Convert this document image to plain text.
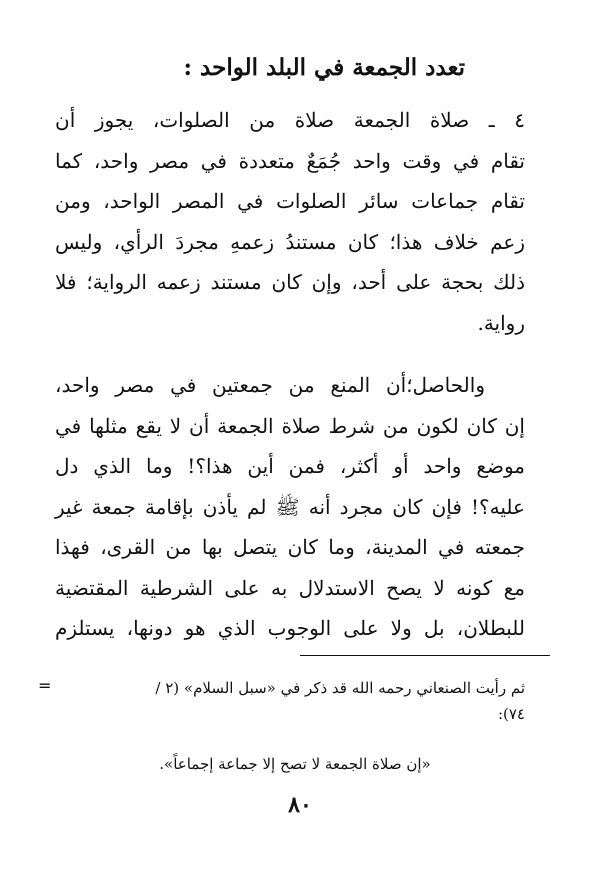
تعدد الجمعة في البلد الواحد :
٤ ـ صلاة الجمعة صلاة من الصلوات، يجوز أن
تقام في وقت واحد جُمَعٌ متعددة في مصر واحد، كما
تقام جماعات سائر الصلوات في المصر الواحد، ومن
زعم خلاف هذا؛ كان مستندُ زعمهِ مجردَ الرأي، وليس
ذلك بحجة على أحد، وإن كان مستند زعمه الرواية؛ فلا
رواية.
والحاصل؛أن المنع من جمعتين في مصر واحد،
إن كان لكون من شرط صلاة الجمعة أن لا يقع مثلها في
موضع واحد أو أكثر، فمن أين هذا؟! وما الذي دل
عليه؟! فإن كان مجرد أنه ﷺ لم يأذن بإقامة جمعة غير
جمعته في المدينة، وما كان يتصل بها من القرى، فهذا
مع كونه لا يصح الاستدلال به على الشرطية المقتضية
للبطلان، بل ولا على الوجوب الذي هو دونها، يستلزم
=	ثم رأيت الصنعاني رحمه الله قد ذكر في «سبل السلام» (٢ /
٧٤):
«إن صلاة الجمعة لا تصح إلا جماعة إجماعاً».
٨٠
